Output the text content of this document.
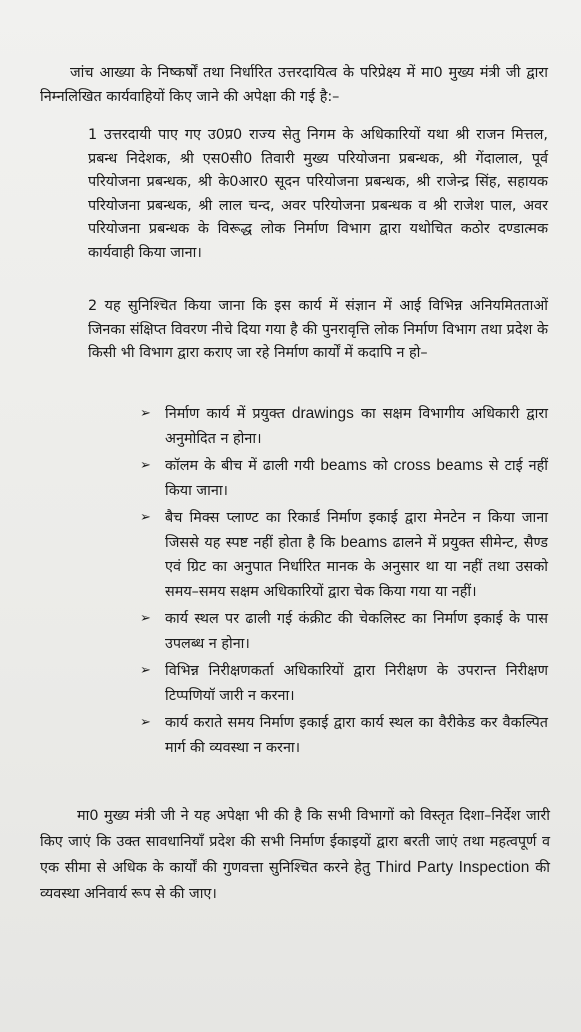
जांच आख्या के निष्कर्षों तथा निर्धारित उत्तरदायित्व के परिप्रेक्ष्य में मा0 मुख्य मंत्री जी द्वारा निम्नलिखित कार्यवाहियों किए जाने की अपेक्षा की गई है:–

1 उत्तरदायी पाए गए उ0प्र0 राज्य सेतु निगम के अधिकारियों यथा श्री राजन मित्तल, प्रबन्ध निदेशक, श्री एस0सी0 तिवारी मुख्य परियोजना प्रबन्धक, श्री गेंदालाल, पूर्व परियोजना प्रबन्धक, श्री के0आर0 सूदन परियोजना प्रबन्धक, श्री राजेन्द्र सिंह, सहायक परियोजना प्रबन्धक, श्री लाल चन्द, अवर परियोजना प्रबन्धक व श्री राजेश पाल, अवर परियोजना प्रबन्धक के विरूद्ध लोक निर्माण विभाग द्वारा यथोचित कठोर दण्डात्मक कार्यवाही किया जाना।

2 यह सुनिश्चित किया जाना कि इस कार्य में संज्ञान में आई विभिन्न अनियमितताओं जिनका संक्षिप्त विवरण नीचे दिया गया है की पुनरावृत्ति लोक निर्माण विभाग तथा प्रदेश के किसी भी विभाग द्वारा कराए जा रहे निर्माण कार्यों में कदापि न हो–

➢ निर्माण कार्य में प्रयुक्त drawings का सक्षम विभागीय अधिकारी द्वारा अनुमोदित न होना।
➢ कॉलम के बीच में ढाली गयी beams को cross beams से टाई नहीं किया जाना।
➢ बैच मिक्स प्लाण्ट का रिकार्ड निर्माण इकाई द्वारा मेनटेन न किया जाना जिससे यह स्पष्ट नहीं होता है कि beams ढालने में प्रयुक्त सीमेन्ट, सैण्ड एवं ग्रिट का अनुपात निर्धारित मानक के अनुसार था या नहीं तथा उसको समय–समय सक्षम अधिकारियों द्वारा चेक किया गया या नहीं।
➢ कार्य स्थल पर ढाली गई कंक्रीट की चेकलिस्ट का निर्माण इकाई के पास उपलब्ध न होना।
➢ विभिन्न निरीक्षणकर्ता अधिकारियों द्वारा निरीक्षण के उपरान्त निरीक्षण टिप्पणियॉ जारी न करना।
➢ कार्य कराते समय निर्माण इकाई द्वारा कार्य स्थल का वैरीकेड कर वैकल्पित मार्ग की व्यवस्था न करना।

मा0 मुख्य मंत्री जी ने यह अपेक्षा भी की है कि सभी विभागों को विस्तृत दिशा–निर्देश जारी किए जाएं कि उक्त सावधानियॉं प्रदेश की सभी निर्माण ईकाइयों द्वारा बरती जाएं तथा महत्वपूर्ण व एक सीमा से अधिक के कार्यों की गुणवत्ता सुनिश्चित करने हेतु Third Party Inspection की व्यवस्था अनिवार्य रूप से की जाए।
